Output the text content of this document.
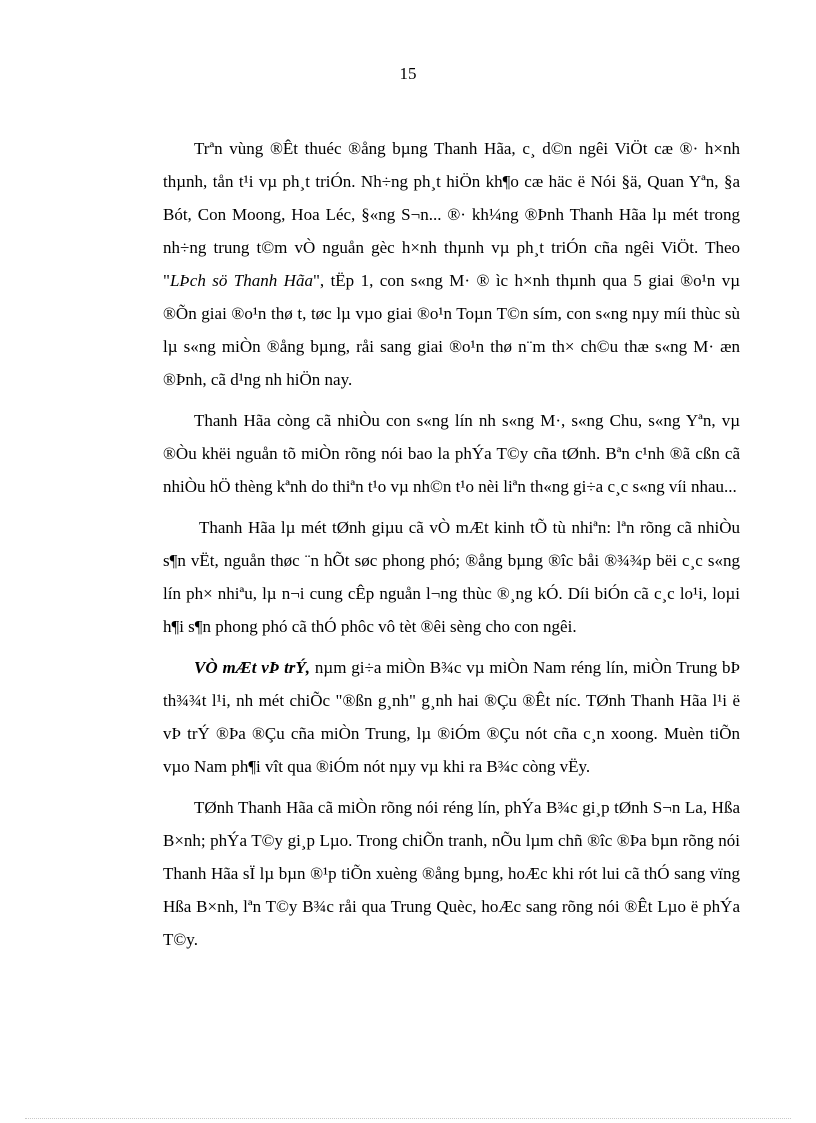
15

Trªn vùng ®Êt thuéc ®ång bµng Thanh Hãa, c¸ d©n ngêi ViÖt cæ ®· h×nh thµnh, tån t¹i vµ ph¸t triÓn. Nh÷ng ph¸t hiÖn kh¶o cæ häc ë Nói §ä, Quan Yªn, §a Bót, Con Moong, Hoa Léc, §«ng S¬n... ®· kh¼ng ®Þnh Thanh Hãa lµ mét trong nh÷ng trung t©m vÒ nguån gèc h×nh thµnh vµ ph¸t triÓn cña ngêi ViÖt. Theo "LÞch sö Thanh Hãa", tËp 1, con s«ng M· ® ìc h×nh thµnh qua 5 giai ®o¹n vµ ®Õn giai ®o¹n thø t, tøc lµ vµo giai ®o¹n Toµn T©n sím, con s«ng nµy míi thùc sù lµ s«ng miÒn ®ång bµng, råi sang giai ®o¹n thø n¨m th× ch©u thæ s«ng M· æn ®Þnh, cã d¹ng nh hiÖn nay.

Thanh Hãa còng cã nhiÒu con s«ng lín nh s«ng M·, s«ng Chu, s«ng Yªn, vµ ®Òu khëi nguån tõ miÒn rõng nói bao la phÝa T©y cña tØnh. Bªn c¹nh ®ã cßn cã nhiÒu hÖ thèng kªnh do thiªn t¹o vµ nh©n t¹o nèi liªn th«ng gi÷a c¸c s«ng víi nhau...

Thanh Hãa lµ mét tØnh giµu cã vÒ mÆt kinh tÕ tù nhiªn: lªn rõng cã nhiÒu s¶n vËt, nguån thøc ¨n hÕt søc phong phó; ®ång bµng ®îc båi ®¾¾p bëi c¸c s«ng lín ph× nhiªu, lµ n¬i cung cÊp nguån l¬ng thùc ®¸ng kÓ. Díi biÓn cã c¸c lo¹i, loµi h¶i s¶n phong phó cã thÓ phôc vô tèt ®êi sèng cho con ngêi.

VÒ mÆt vÞ trÝ, nµm gi÷a miÒn B¾c vµ miÒn Nam réng lín, miÒn Trung bÞ th¾¾t l¹i, nh mét chiÕc "®ßn g¸nh" g¸nh hai ®Çu ®Êt níc. TØnh Thanh Hãa l¹i ë vÞ trÝ ®Þa ®Çu cña miÒn Trung, lµ ®iÓm ®Çu nót cña c¸n xoong. Muèn tiÕn vµo Nam ph¶i vît qua ®iÓm nót nµy vµ khi ra B¾c còng vËy.

TØnh Thanh Hãa cã miÒn rõng nói réng lín, phÝa B¾c gi¸p tØnh S¬n La, Hßa B×nh; phÝa T©y gi¸p Lµo. Trong chiÕn tranh, nÕu lµm chñ ®îc ®Þa bµn rõng nói Thanh Hãa sÏ lµ bµn ®¹p tiÕn xuèng ®ång bµng, hoÆc khi rót lui cã thÓ sang vïng Hßa B×nh, lªn T©y B¾c råi qua Trung Quèc, hoÆc sang rõng nói ®Êt Lµo ë phÝa T©y.
